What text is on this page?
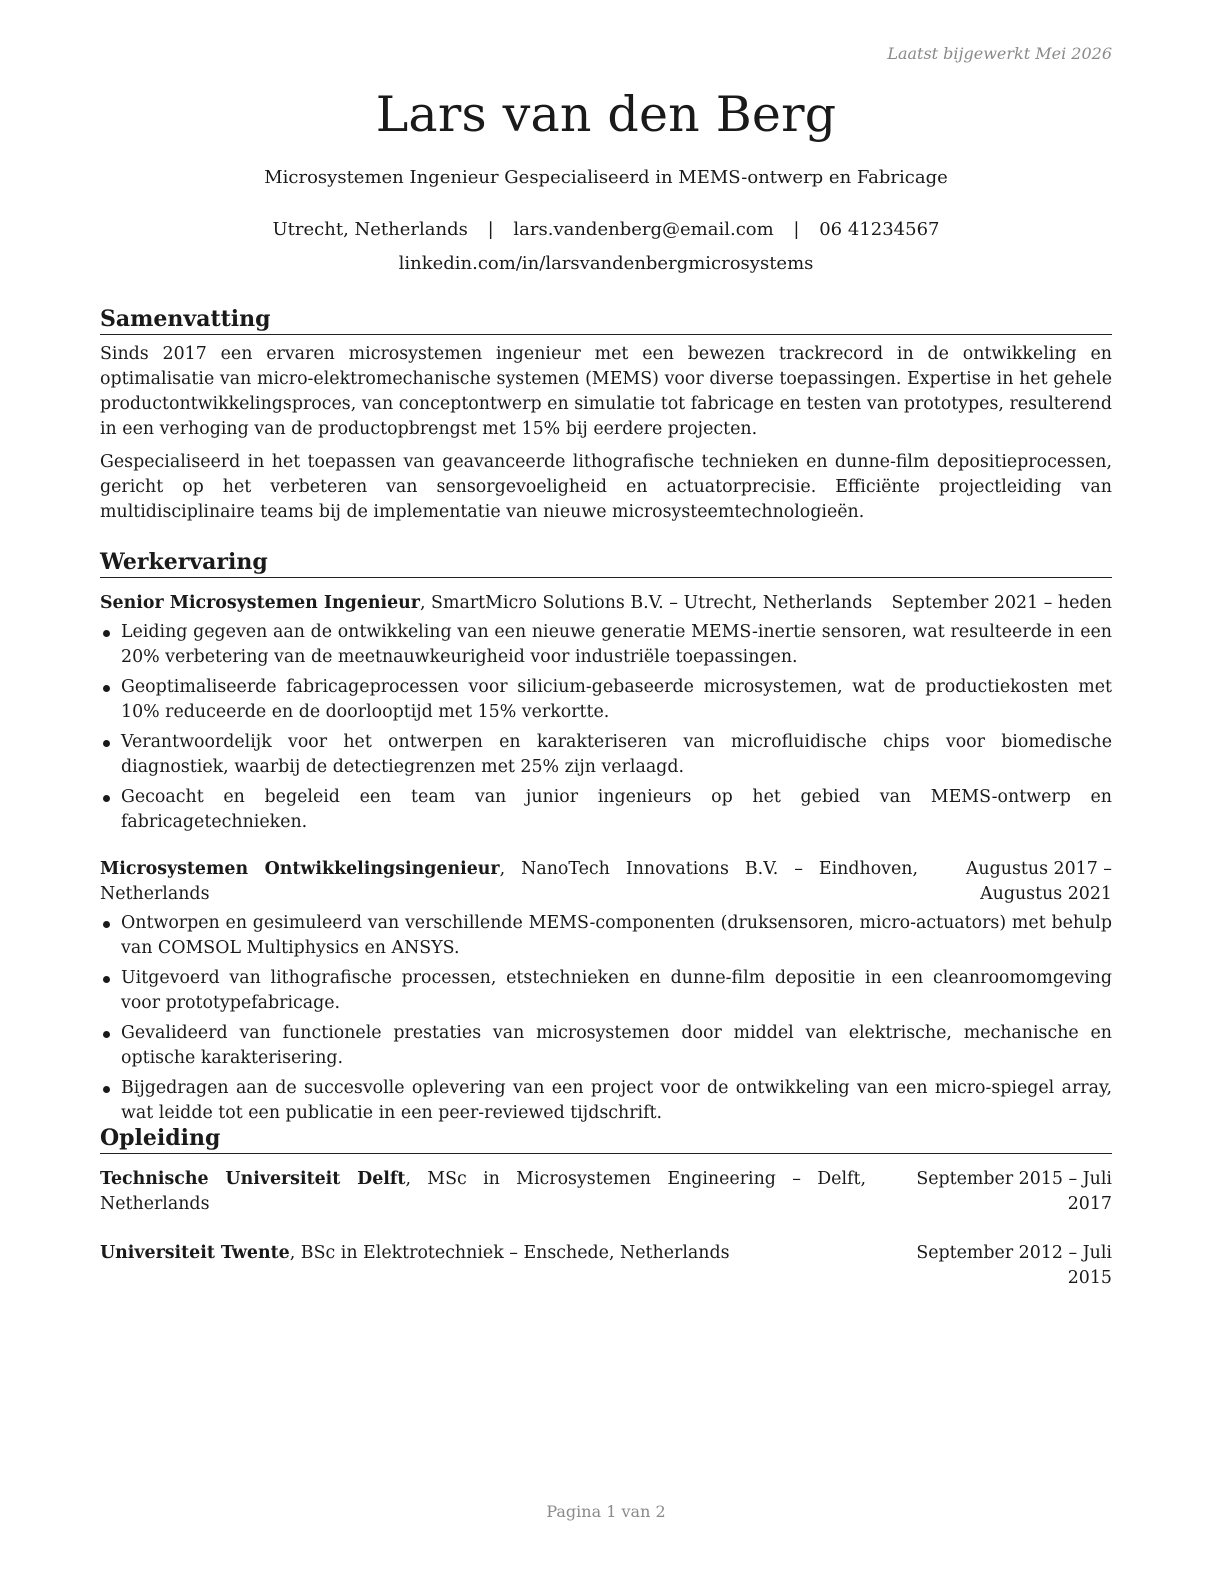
Laatst bijgewerkt Mei 2026
Lars van den Berg
Microsystemen Ingenieur Gespecialiseerd in MEMS-ontwerp en Fabricage
Utrecht, Netherlands | lars.vandenberg@email.com | 06 41234567
linkedin.com/in/larsvandenbergmicrosystems
Samenvatting

Sinds 2017 een ervaren microsystemen ingenieur met een bewezen trackrecord in de ontwikkeling en optimalisatie van micro-elektromechanische systemen (MEMS) voor diverse toepassingen. Expertise in het gehele productontwikkelingsproces, van conceptontwerp en simulatie tot fabricage en testen van prototypes, resulterend in een verhoging van de productopbrengst met 15% bij eerdere projecten.

Gespecialiseerd in het toepassen van geavanceerde lithografische technieken en dunne-film depositieprocessen, gericht op het verbeteren van sensorgevoeligheid en actuatorprecisie. Efficiënte projectleiding van multidisciplinaire teams bij de implementatie van nieuwe microsysteemtechnologieën.

Werkervaring
Senior Microsystemen Ingenieur, SmartMicro Solutions B.V. – Utrecht, Netherlands	September 2021 – heden
Leiding gegeven aan de ontwikkeling van een nieuwe generatie MEMS-inertie sensoren, wat resulteerde in een 20% verbetering van de meetnauwkeurigheid voor industriële toepassingen.
Geoptimaliseerde fabricageprocessen voor silicium-gebaseerde microsystemen, wat de productiekosten met 10% reduceerde en de doorlooptijd met 15% verkortte.
Verantwoordelijk voor het ontwerpen en karakteriseren van microfluidische chips voor biomedische diagnostiek, waarbij de detectiegrenzen met 25% zijn verlaagd.
Gecoacht en begeleid een team van junior ingenieurs op het gebied van MEMS-ontwerp en fabricagetechnieken.
Microsystemen Ontwikkelingsingenieur, NanoTech Innovations B.V. – Eindhoven, Netherlands
Augustus 2017 – Augustus 2021
Ontworpen en gesimuleerd van verschillende MEMS-componenten (druksensoren, micro-actuators) met behulp van COMSOL Multiphysics en ANSYS.
Uitgevoerd van lithografische processen, etstechnieken en dunne-film depositie in een cleanroomomgeving voor prototypefabricage.
Gevalideerd van functionele prestaties van microsystemen door middel van elektrische, mechanische en optische karakterisering.
Bijgedragen aan de succesvolle oplevering van een project voor de ontwikkeling van een micro-spiegel array, wat leidde tot een publicatie in een peer-reviewed tijdschrift.
Opleiding
Technische Universiteit Delft, MSc in Microsystemen Engineering – Delft, Netherlands
September 2015 – Juli 2017
Universiteit Twente, BSc in Elektrotechniek – Enschede, Netherlands	September 2012 – Juli 2015
Pagina 1 van 2
